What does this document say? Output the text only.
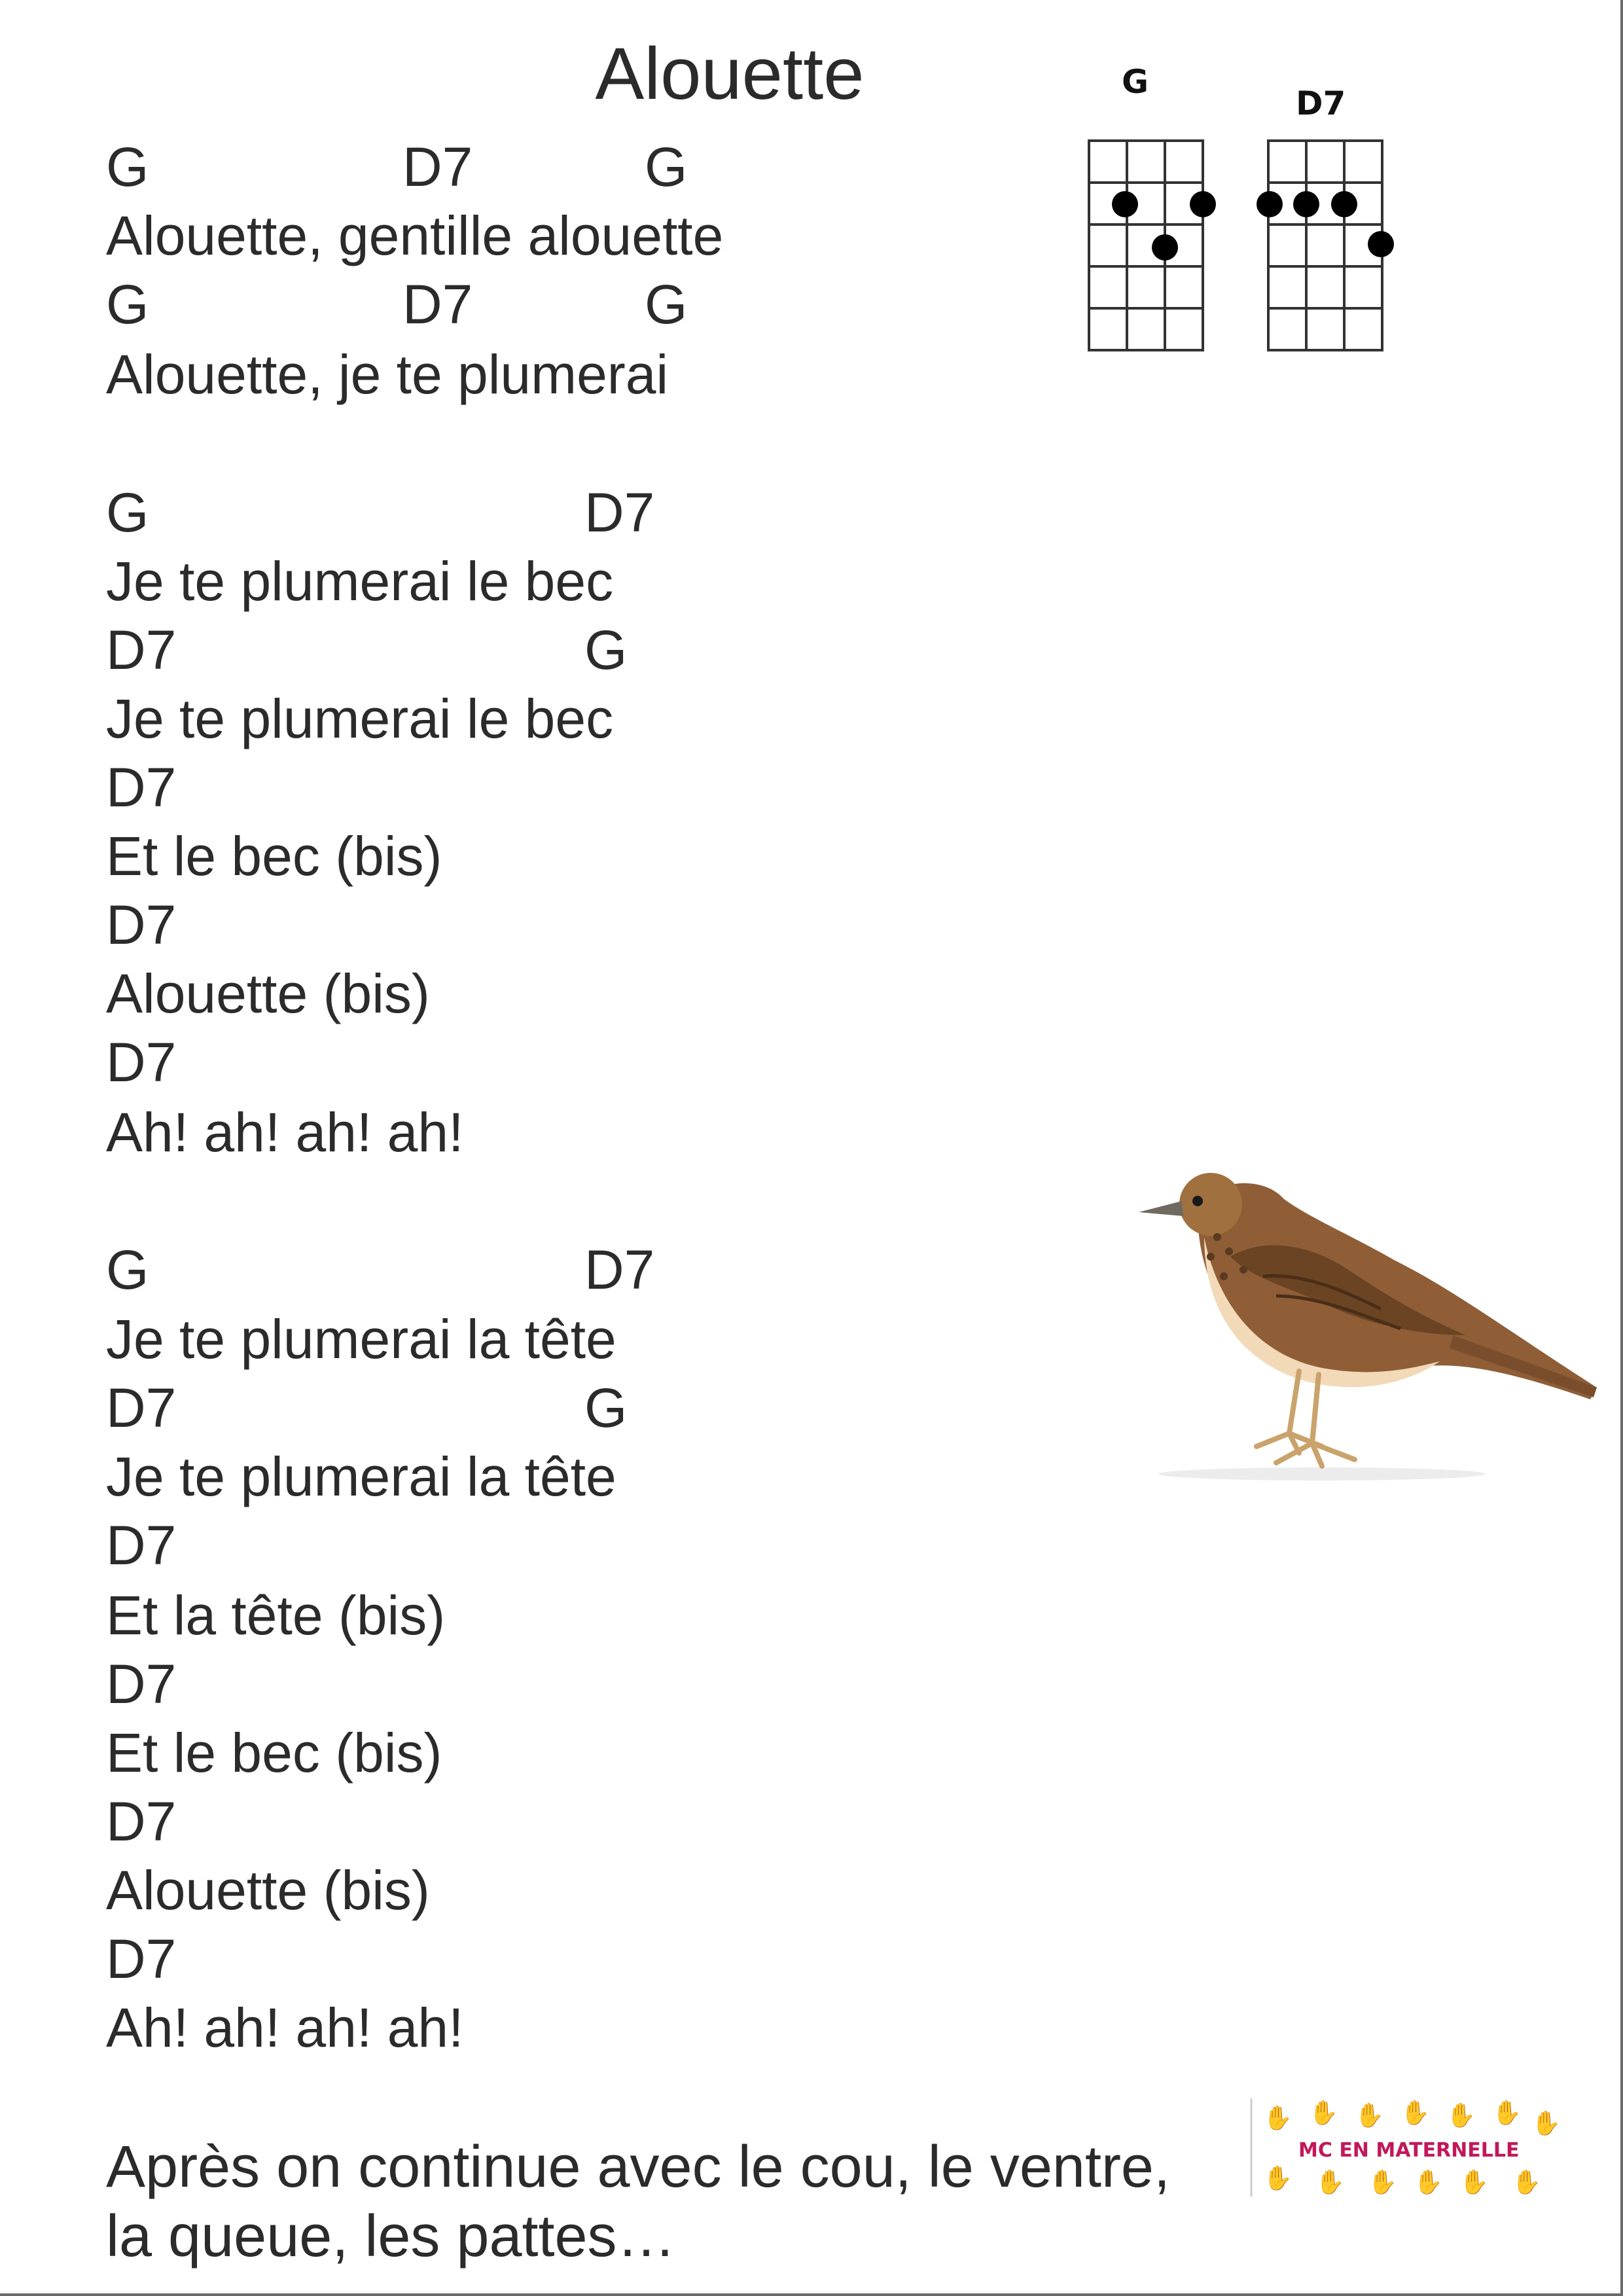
Alouette	G
D7
G	D7	G
Alouette, gentille alouette
G	D7	G
Alouette, je te plumerai
G	D7
Je te plumerai le bec
D7	G
Je te plumerai le bec
D7
Et le bec (bis)
D7
Alouette (bis)
D7
Ah! ah! ah! ah!
G	D7
Je te plumerai la tête
D7	G
Je te plumerai la tête
D7
Et la tête (bis)
D7
Et le bec (bis)
D7
Alouette (bis)
D7
Ah! ah! ah! ah!
Après on continue avec le cou, le ventre,
la queue, les pattes…
✋ ✋ ✋ ✋ ✋ ✋ ✋
✋ ✋ ✋ ✋ ✋ ✋
MC EN MATERNELLE
